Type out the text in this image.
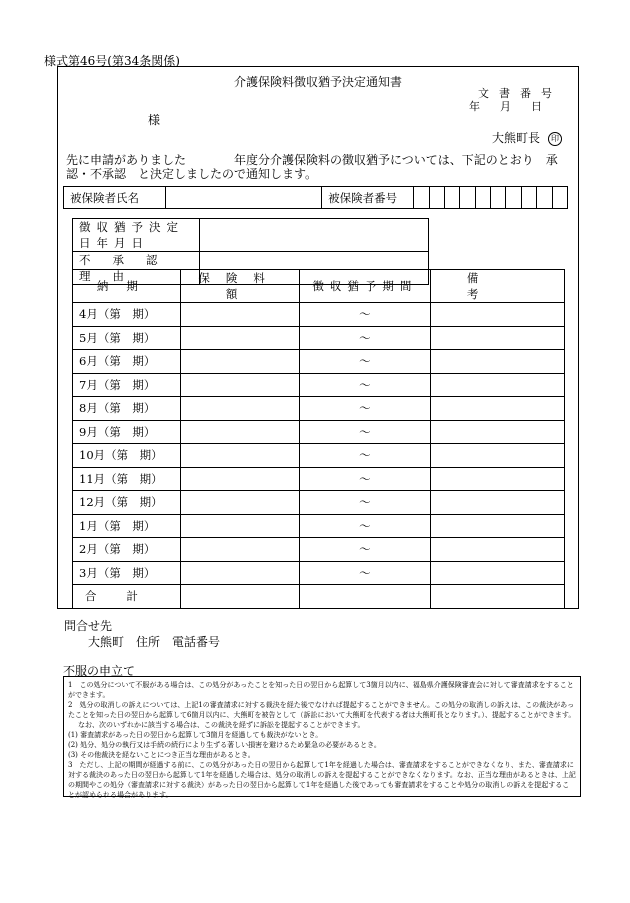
様式第46号(第34条関係)
介護保険料徴収猶予決定通知書
文書番号
年月日
様
大熊町長 印
先に申請がありました　　　　年度分介護保険料の徴収猶予については、下記のとおり　承認・不承認　と決定しましたので通知します。
被保険者氏名		被保険者番号										
徴収猶予決定日年月日	
不承認理由	
納期	保険料額	徴収猶予期間	備考
4月（第　期）		～	
5月（第　期）		～	
6月（第　期）		～	
7月（第　期）		～	
8月（第　期）		～	
9月（第　期）		～	
10月（第　期）		～	
11月（第　期）		～	
12月（第　期）		～	
1月（第　期）		～	
2月（第　期）		～	
3月（第　期）		～	
合計			
問合せ先
大熊町　住所　電話番号
不服の申立て

1　この処分について不服がある場合は、この処分があったことを知った日の翌日から起算して3箇月以内に、福島県介護保険審査会に対して審査請求をすることができます。

2　処分の取消しの訴えについては、上記1の審査請求に対する裁決を経た後でなければ提起することができません。この処分の取消しの訴えは、この裁決があったことを知った日の翌日から起算して6箇月以内に、大熊町を被告として（訴訟において大熊町を代表する者は大熊町長となります。）、提起することができます。

なお、次のいずれかに該当する場合は、この裁決を経ずに訴訟を提起することができます。

(1) 審査請求があった日の翌日から起算して3箇月を経過しても裁決がないとき。

(2) 処分、処分の執行又は手続の続行により生ずる著しい損害を避けるため緊急の必要があるとき。

(3) その他裁決を経ないことにつき正当な理由があるとき。

3　ただし、上記の期間が経過する前に、この処分があった日の翌日から起算して1年を経過した場合は、審査請求をすることができなくなり、また、審査請求に対する裁決のあった日の翌日から起算して1年を経過した場合は、処分の取消しの訴えを提起することができなくなります。なお、正当な理由があるときは、上記の期間やこの処分（審査請求に対する裁決）があった日の翌日から起算して1年を経過した後であっても審査請求をすることや処分の取消しの訴えを提起することが認められる場合があります。
